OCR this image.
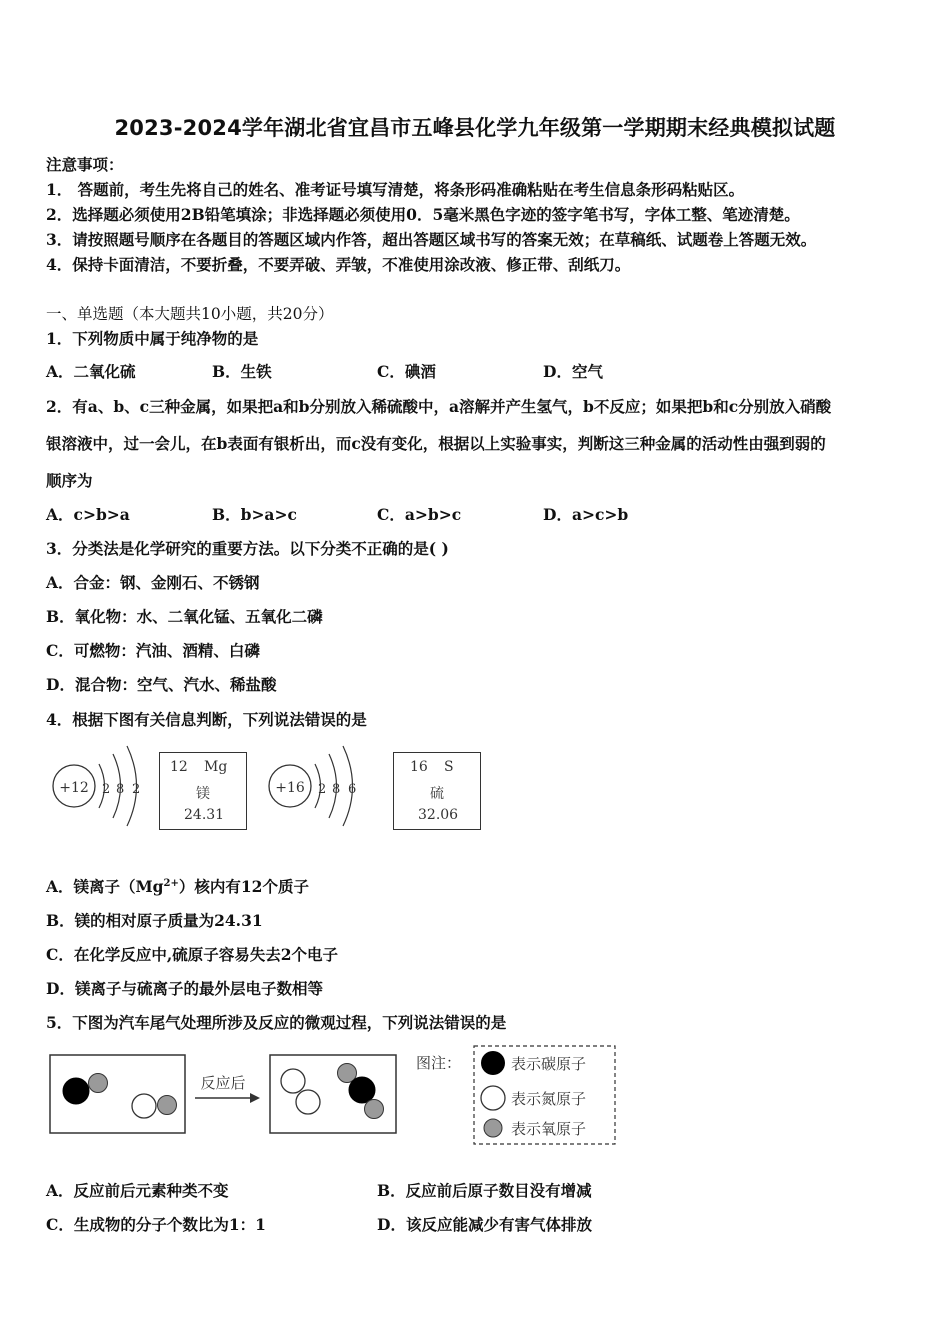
2023-2024学年湖北省宜昌市五峰县化学九年级第一学期期末经典模拟试题
注意事项：
1． 答题前，考生先将自己的姓名、准考证号填写清楚，将条形码准确粘贴在考生信息条形码粘贴区。
2．选择题必须使用2B铅笔填涂；非选择题必须使用0．5毫米黑色字迹的签字笔书写，字体工整、笔迹清楚。
3．请按照题号顺序在各题目的答题区域内作答，超出答题区域书写的答案无效；在草稿纸、试题卷上答题无效。
4．保持卡面清洁，不要折叠，不要弄破、弄皱，不准使用涂改液、修正带、刮纸刀。
一、单选题（本大题共10小题，共20分）
1．下列物质中属于纯净物的是
A．二氧化硫	B．生铁	C．碘酒	D．空气
2．有a、b、c三种金属，如果把a和b分别放入稀硫酸中，a溶解并产生氢气，b不反应；如果把b和c分别放入硝酸
银溶液中，过一会儿，在b表面有银析出，而c没有变化，根据以上实验事实，判断这三种金属的活动性由强到弱的
顺序为
A．c>b>a	B．b>a>c	C．a>b>c	D．a>c>b
3．分类法是化学研究的重要方法。以下分类不正确的是( )
A．合金：钢、金刚石、不锈钢
B．氧化物：水、二氧化锰、五氧化二磷
C．可燃物：汽油、酒精、白磷
D．混合物：空气、汽水、稀盐酸
4．根据下图有关信息判断，下列说法错误的是
+12 2 8 2
12 Mg
镁
24.31
+16 2 8 6
16 S
硫
32.06
A．镁离子$(Mg^{2+})$核内有12个质子
B．镁的相对原子质量为24.31
C．在化学反应中,硫原子容易失去2个电子
D．镁离子与硫离子的最外层电子数相等
5．下图为汽车尾气处理所涉及反应的微观过程，下列说法错误的是
反应后
图注：	表示碳原子
表示氮原子
表示氧原子
A．反应前后元素种类不变	B．反应前后原子数目没有增减
C．生成物的分子个数比为1：1	D．该反应能减少有害气体排放
